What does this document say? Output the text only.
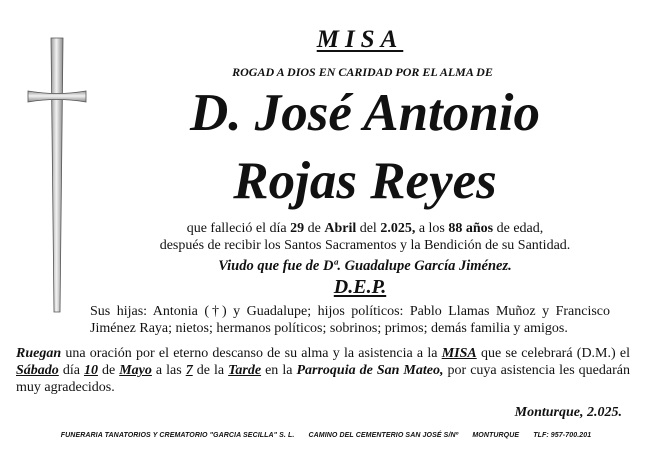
MISA
ROGAD A DIOS EN CARIDAD POR EL ALMA DE
D. José Antonio
Rojas Reyes
que falleció el día 29 de Abril del 2.025, a los 88 años de edad,
después de recibir los Santos Sacramentos y la Bendición de su Santidad.
Viudo que fue de Dª. Guadalupe García Jiménez.
D.E.P.
Sus hijas: Antonia (†) y Guadalupe; hijos políticos: Pablo Llamas Muñoz y Francisco Jiménez Raya; nietos; hermanos políticos; sobrinos; primos; demás familia y amigos.
Ruegan una oración por el eterno descanso de su alma y la asistencia a la MISA que se celebrará (D.M.) el Sábado día 10 de Mayo a las 7 de la Tarde en la Parroquia de San Mateo, por cuya asistencia les quedarán muy agradecidos.
Monturque, 2.025.
FUNERARIA TANATORIOS Y CREMATORIO "GARCIA SECILLA" S. L. CAMINO DEL CEMENTERIO SAN JOSÉ S/Nº MONTURQUE TLF: 957-700.201
